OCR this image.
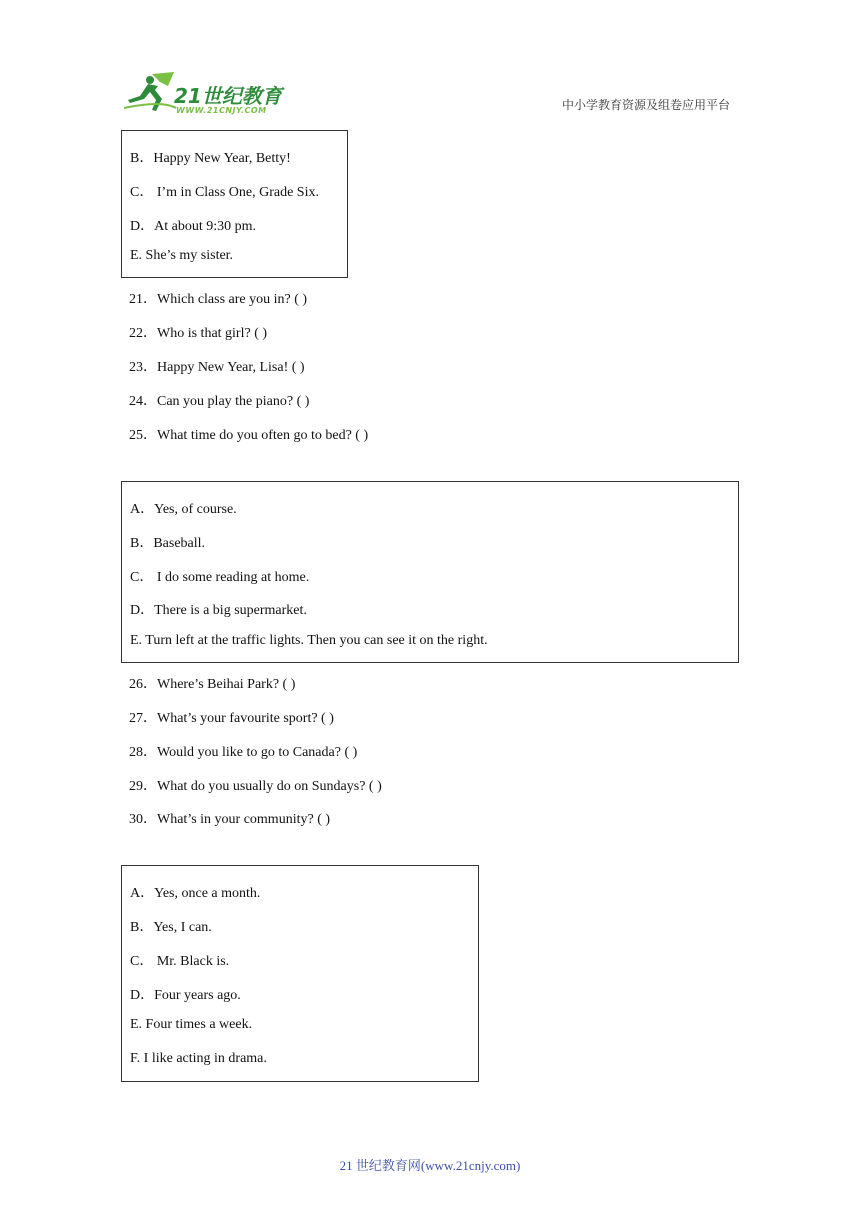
21世纪教育
WWW.21CNJY.COM	中小学教育资源及组卷应用平台
B．Happy New Year, Betty!
C． I’m in Class One, Grade Six.
D．At about 9:30 pm.
E. She’s my sister.
21．Which class are you in? ( )
22．Who is that girl? ( )
23．Happy New Year, Lisa! ( )
24．Can you play the piano? ( )
25．What time do you often go to bed? ( )
A．Yes, of course.
B．Baseball.
C． I do some reading at home.
D．There is a big supermarket.
E. Turn left at the traffic lights. Then you can see it on the right.
26．Where’s Beihai Park? ( )
27．What’s your favourite sport? ( )
28．Would you like to go to Canada? ( )
29．What do you usually do on Sundays? ( )
30．What’s in your community? ( )
A．Yes, once a month.
B．Yes, I can.
C． Mr. Black is.
D．Four years ago.
E. Four times a week.
F. I like acting in drama.
21 世纪教育网(www.21cnjy.com)
